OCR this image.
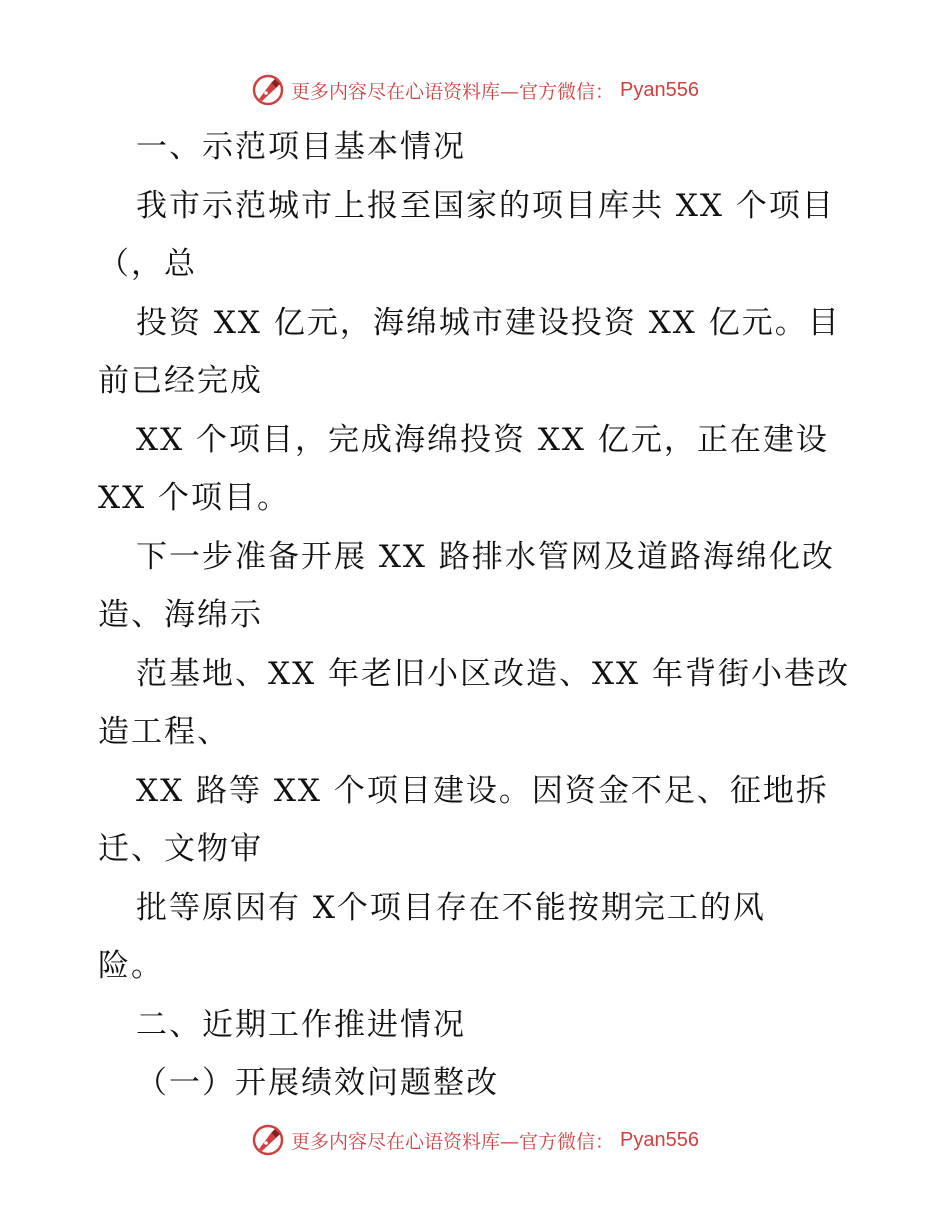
更多内容尽在心语资料库—官方微信： Pyan556
一、示范项目基本情况
我市示范城市上报至国家的项目库共 XX 个项目
（，总
投资 XX 亿元，海绵城市建设投资 XX 亿元。目
前已经完成
XX 个项目，完成海绵投资 XX 亿元，正在建设
XX 个项目。
下一步准备开展 XX 路排水管网及道路海绵化改
造、海绵示
范基地、XX 年老旧小区改造、XX 年背街小巷改
造工程、
XX 路等 XX 个项目建设。因资金不足、征地拆
迁、文物审
批等原因有 X个项目存在不能按期完工的风
险。
二、近期工作推进情况
（一）开展绩效问题整改
更多内容尽在心语资料库—官方微信： Pyan556
